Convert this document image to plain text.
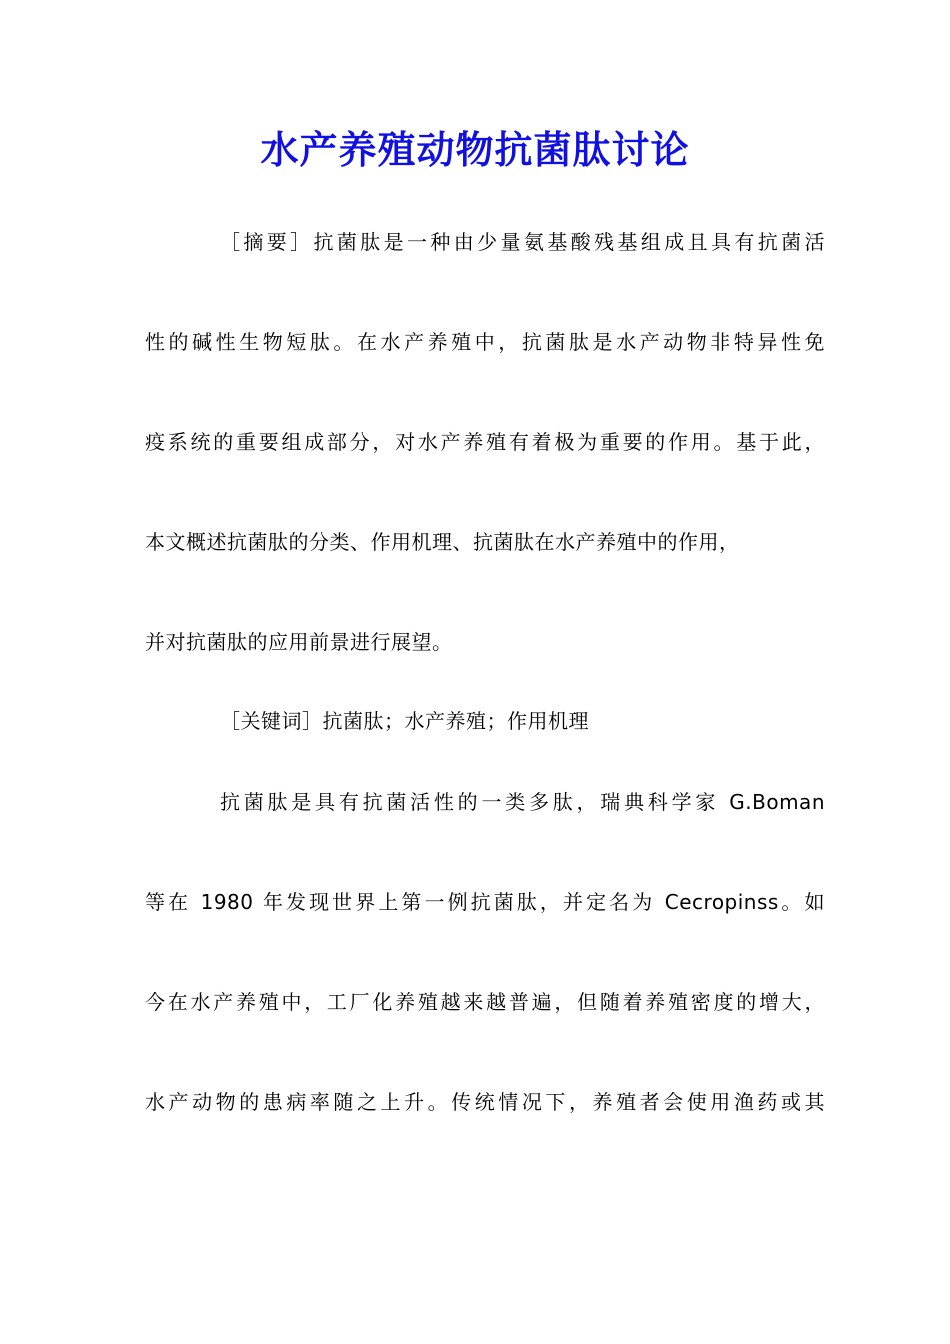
水产养殖动物抗菌肽讨论

［摘要］抗菌肽是一种由少量氨基酸残基组成且具有抗菌活

性的碱性生物短肽。在水产养殖中，抗菌肽是水产动物非特异性免

疫系统的重要组成部分，对水产养殖有着极为重要的作用。基于此，

本文概述抗菌肽的分类、作用机理、抗菌肽在水产养殖中的作用，

并对抗菌肽的应用前景进行展望。

［关键词］抗菌肽；水产养殖；作用机理

抗菌肽是具有抗菌活性的一类多肽，瑞典科学家 G.Boman

等在 1980 年发现世界上第一例抗菌肽，并定名为 Cecropinss。如

今在水产养殖中，工厂化养殖越来越普遍，但随着养殖密度的增大，

水产动物的患病率随之上升。传统情况下，养殖者会使用渔药或其
